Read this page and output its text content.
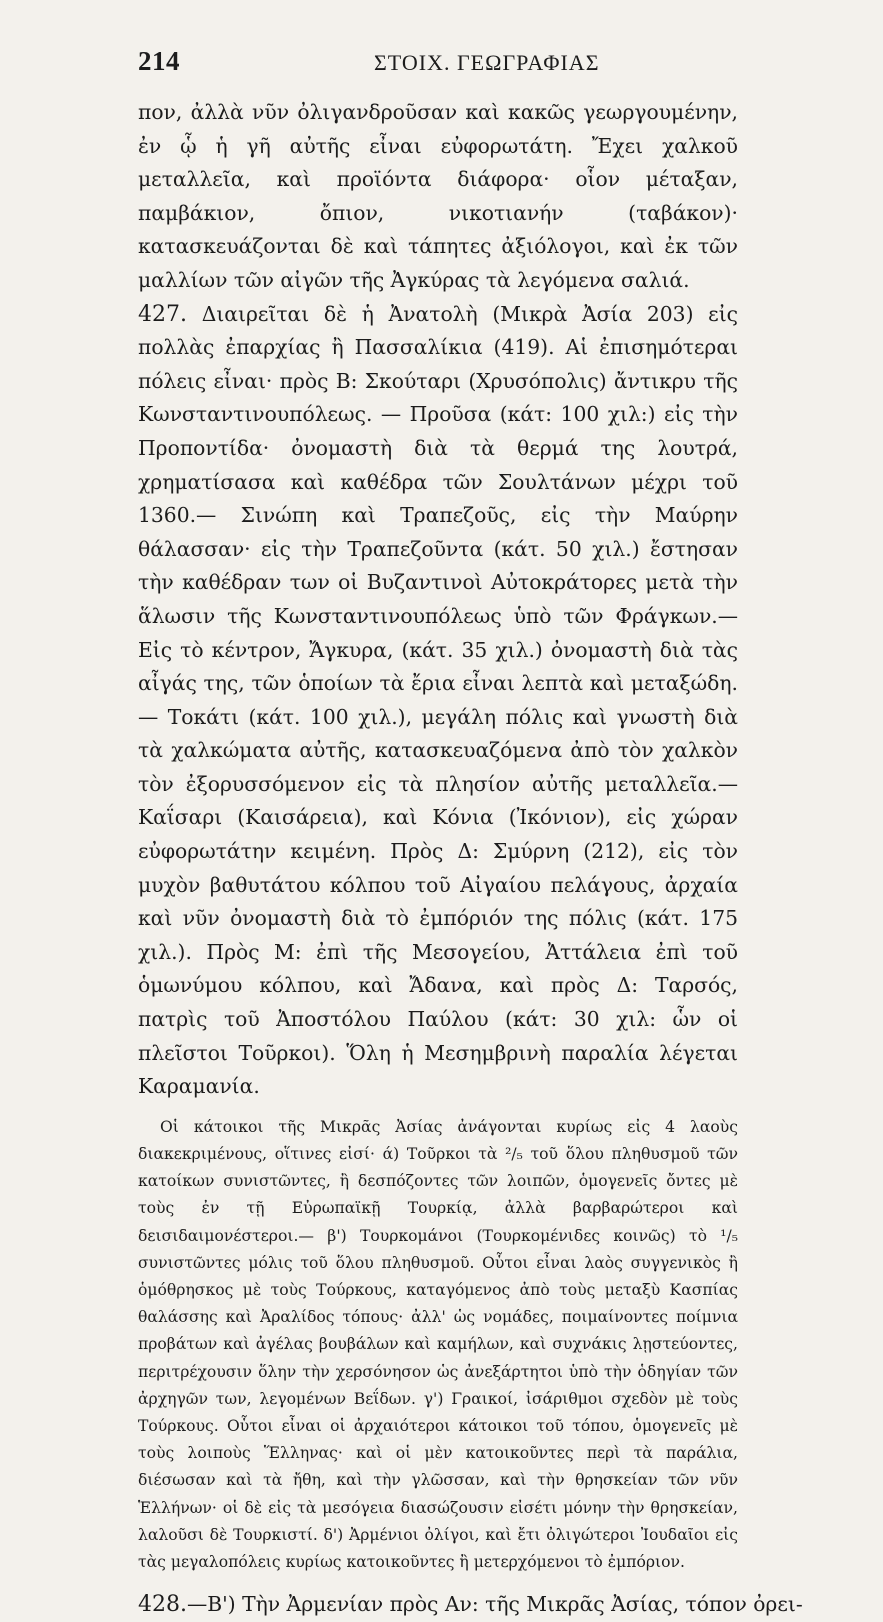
214	ΣΤΟΙΧ. ΓΕΩΓΡΑΦΙΑΣ

πον, ἀλλὰ νῦν ὀλιγανδροῦσαν καὶ κακῶς γεωργουμένην, ἐν ᾧ ἡ γῆ αὐτῆς εἶναι εὐφορωτάτη. Ἔχει χαλκοῦ μεταλλεῖα, καὶ προϊόντα διάφορα· οἷον μέταξαν, παμβάκιον, ὄπιον, νικοτιανήν (ταβάκον)· κατασκευάζονται δὲ καὶ τάπητες ἀξιόλογοι, καὶ ἐκ τῶν μαλλίων τῶν αἰγῶν τῆς Ἀγκύρας τὰ λεγόμενα σαλιά.

427. Διαιρεῖται δὲ ἡ Ἀνατολὴ (Μικρὰ Ἀσία 203) εἰς πολλὰς ἐπαρχίας ἢ Πασσαλίκια (419). Αἱ ἐπισημότεραι πόλεις εἶναι· πρὸς Β: Σκούταρι (Χρυσόπολις) ἄντικρυ τῆς Κωνσταντινουπόλεως. — Προῦσα (κάτ: 100 χιλ:) εἰς τὴν Προποντίδα· ὀνομαστὴ διὰ τὰ θερμά της λουτρά, χρηματίσασα καὶ καθέδρα τῶν Σουλτάνων μέχρι τοῦ 1360.— Σινώπη καὶ Τραπεζοῦς, εἰς τὴν Μαύρην θάλασσαν· εἰς τὴν Τραπεζοῦντα (κάτ. 50 χιλ.) ἔστησαν τὴν καθέδραν των οἱ Βυζαντινοὶ Αὐτοκράτορες μετὰ τὴν ἅλωσιν τῆς Κωνσταντινουπόλεως ὑπὸ τῶν Φράγκων.— Εἰς τὸ κέντρον, Ἄγκυρα, (κάτ. 35 χιλ.) ὀνομαστὴ διὰ τὰς αἶγάς της, τῶν ὁποίων τὰ ἔρια εἶναι λεπτὰ καὶ μεταξώδη.— Τοκάτι (κάτ. 100 χιλ.), μεγάλη πόλις καὶ γνωστὴ διὰ τὰ χαλκώματα αὐτῆς, κατασκευαζόμενα ἀπὸ τὸν χαλκὸν τὸν ἐξορυσσόμενον εἰς τὰ πλησίον αὐτῆς μεταλλεῖα.— Καΐσαρι (Καισάρεια), καὶ Κόνια (Ἰκόνιον), εἰς χώραν εὐφορωτάτην κειμένη. Πρὸς Δ: Σμύρνη (212), εἰς τὸν μυχὸν βαθυτάτου κόλπου τοῦ Αἰγαίου πελάγους, ἀρχαία καὶ νῦν ὀνομαστὴ διὰ τὸ ἐμπόριόν της πόλις (κάτ. 175 χιλ.). Πρὸς Μ: ἐπὶ τῆς Μεσογείου, Ἀττάλεια ἐπὶ τοῦ ὁμωνύμου κόλπου, καὶ Ἄδανα, καὶ πρὸς Δ: Ταρσός, πατρὶς τοῦ Ἀποστόλου Παύλου (κάτ: 30 χιλ: ὧν οἱ πλεῖστοι Τοῦρκοι). Ὅλη ἡ Μεσημβρινὴ παραλία λέγεται Καραμανία.

Οἱ κάτοικοι τῆς Μικρᾶς Ἀσίας ἀνάγονται κυρίως εἰς 4 λαοὺς διακεκριμένους, οἵτινες εἰσί· ά) Τοῦρκοι τὰ ²/₅ τοῦ ὅλου πληθυσμοῦ τῶν κατοίκων συνιστῶντες, ἢ δεσπόζοντες τῶν λοιπῶν, ὁμογενεῖς ὄντες μὲ τοὺς ἐν τῇ Εὐρωπαϊκῇ Τουρκίᾳ, ἀλλὰ βαρβαρώτεροι καὶ δεισιδαιμονέστεροι.— β') Τουρκομάνοι (Τουρκομένιδες κοινῶς) τὸ ¹/₅ συνιστῶντες μόλις τοῦ ὅλου πληθυσμοῦ. Οὗτοι εἶναι λαὸς συγγενικὸς ἢ ὁμόθρησκος μὲ τοὺς Τούρκους, καταγόμενος ἀπὸ τοὺς μεταξὺ Κασπίας θαλάσσης καὶ Ἀραλίδος τόπους· ἀλλ' ὡς νομάδες, ποιμαίνοντες ποίμνια προβάτων καὶ ἀγέλας βουβάλων καὶ καμήλων, καὶ συχνάκις λῃστεύοντες, περιτρέχουσιν ὅλην τὴν χερσόνησον ὡς ἀνεξάρτητοι ὑπὸ τὴν ὁδηγίαν τῶν ἀρχηγῶν των, λεγομένων Βεΐδων. γ') Γραικοί, ἰσάριθμοι σχεδὸν μὲ τοὺς Τούρκους. Οὗτοι εἶναι οἱ ἀρχαιότεροι κάτοικοι τοῦ τόπου, ὁμογενεῖς μὲ τοὺς λοιποὺς Ἕλληνας· καὶ οἱ μὲν κατοικοῦντες περὶ τὰ παράλια, διέσωσαν καὶ τὰ ἤθη, καὶ τὴν γλῶσσαν, καὶ τὴν θρησκείαν τῶν νῦν Ἑλλήνων· οἱ δὲ εἰς τὰ μεσόγεια διασώζουσιν εἰσέτι μόνην τὴν θρησκείαν, λαλοῦσι δὲ Τουρκιστί. δ') Ἀρμένιοι ὀλίγοι, καὶ ἔτι ὀλιγώτεροι Ἰουδαῖοι εἰς τὰς μεγαλοπόλεις κυρίως κατοικοῦντες ἢ μετερχόμενοι τὸ ἐμπόριον.

428.—Β') Τὴν Ἀρμενίαν πρὸς Αν: τῆς Μικρᾶς Ἀσίας, τόπον ὀρει-
